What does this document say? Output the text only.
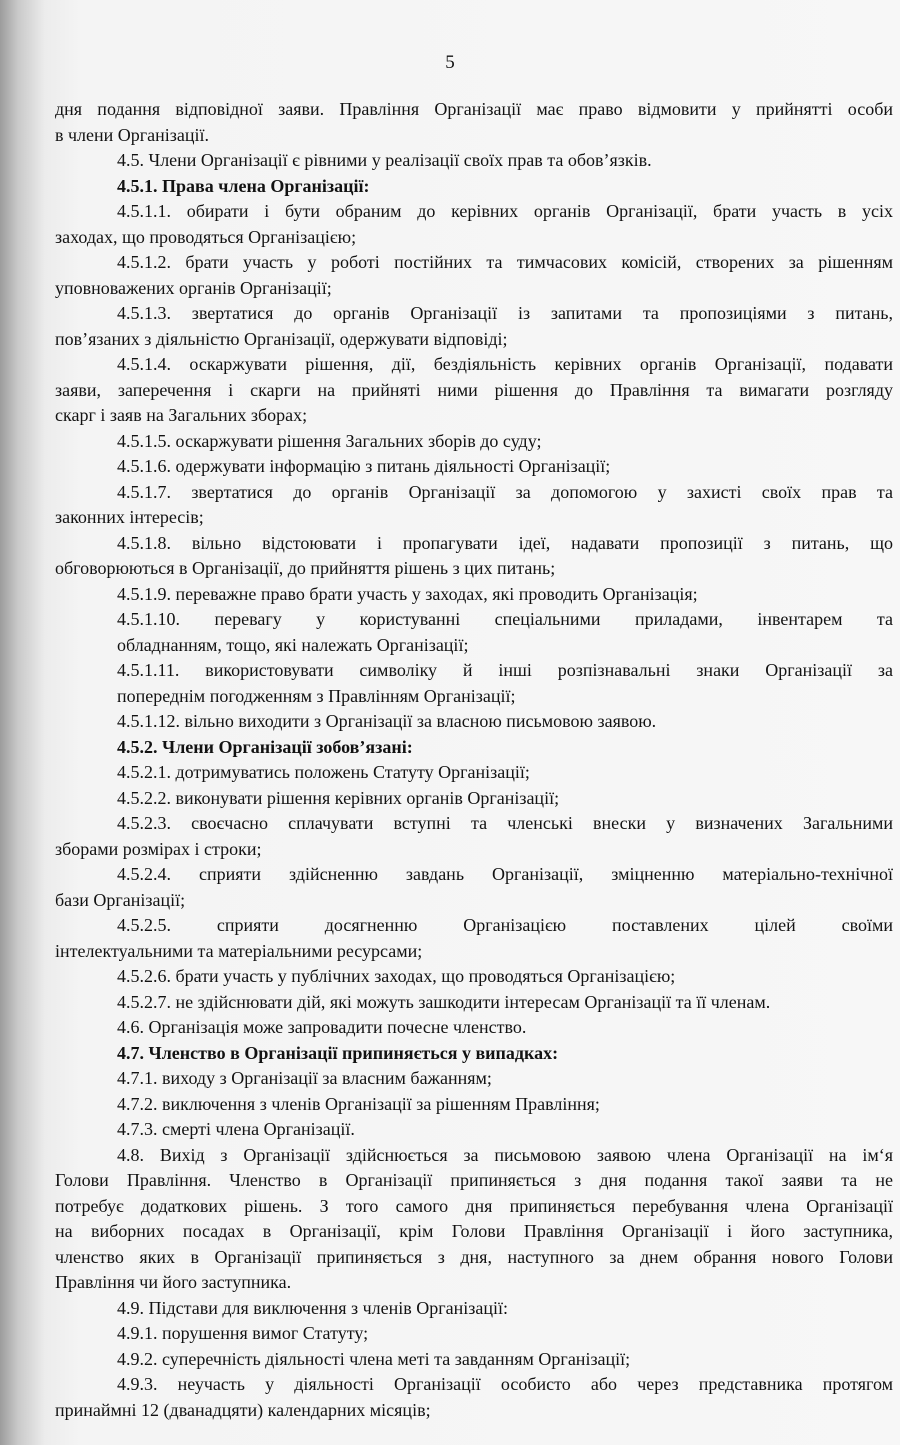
5

дня подання відповідної заяви. Правління Організації має право відмовити у прийнятті особи

в члени Організації.

4.5. Члени Організації є рівними у реалізації своїх прав та обов’язків.

4.5.1. Права члена Організації:

4.5.1.1. обирати і бути обраним до керівних органів Організації, брати участь в усіх

заходах, що проводяться Організацією;

4.5.1.2. брати участь у роботі постійних та тимчасових комісій, створених за рішенням

уповноважених органів Організації;

4.5.1.3. звертатися до органів Організації із запитами та пропозиціями з питань,

пов’язаних з діяльністю Організації, одержувати відповіді;

4.5.1.4. оскаржувати рішення, дії, бездіяльність керівних органів Організації, подавати

заяви, заперечення і скарги на прийняті ними рішення до Правління та вимагати розгляду

скарг і заяв на Загальних зборах;

4.5.1.5. оскаржувати рішення Загальних зборів до суду;

4.5.1.6. одержувати інформацію з питань діяльності Організації;

4.5.1.7. звертатися до органів Організації за допомогою у захисті своїх прав та

законних інтересів;

4.5.1.8. вільно відстоювати і пропагувати ідеї, надавати пропозиції з питань, що

обговорюються в Організації, до прийняття рішень з цих питань;

4.5.1.9. переважне право брати участь у заходах, які проводить Організація;

4.5.1.10. перевагу у користуванні спеціальними приладами, інвентарем та

обладнанням, тощо, які належать Організації;

4.5.1.11. використовувати символіку й інші розпізнавальні знаки Організації за

попереднім погодженням з Правлінням Організації;

4.5.1.12. вільно виходити з Організації за власною письмовою заявою.

4.5.2. Члени Організації зобов’язані:

4.5.2.1. дотримуватись положень Статуту Організації;

4.5.2.2. виконувати рішення керівних органів Організації;

4.5.2.3. своєчасно сплачувати вступні та членські внески у визначених Загальними

зборами розмірах і строки;

4.5.2.4. сприяти здійсненню завдань Організації, зміцненню матеріально-технічної

бази Організації;

4.5.2.5. сприяти досягненню Організацією поставлених цілей своїми

інтелектуальними та матеріальними ресурсами;

4.5.2.6. брати участь у публічних заходах, що проводяться Організацією;

4.5.2.7. не здійснювати дій, які можуть зашкодити інтересам Організації та її членам.

4.6. Організація може запровадити почесне членство.

4.7. Членство в Організації припиняється у випадках:

4.7.1. виходу з Організації за власним бажанням;

4.7.2. виключення з членів Організації за рішенням Правління;

4.7.3. смерті члена Організації.

4.8. Вихід з Організації здійснюється за письмовою заявою члена Організації на ім‘я

Голови Правління. Членство в Організації припиняється з дня подання такої заяви та не

потребує додаткових рішень. З того самого дня припиняється перебування члена Організації

на виборних посадах в Організації, крім Голови Правління Організації і його заступника,

членство яких в Організації припиняється з дня, наступного за днем обрання нового Голови

Правління чи його заступника.

4.9. Підстави для виключення з членів Організації:

4.9.1. порушення вимог Статуту;

4.9.2. суперечність діяльності члена меті та завданням Організації;

4.9.3. неучасть у діяльності Організації особисто або через представника протягом

принаймні 12 (дванадцяти) календарних місяців;
